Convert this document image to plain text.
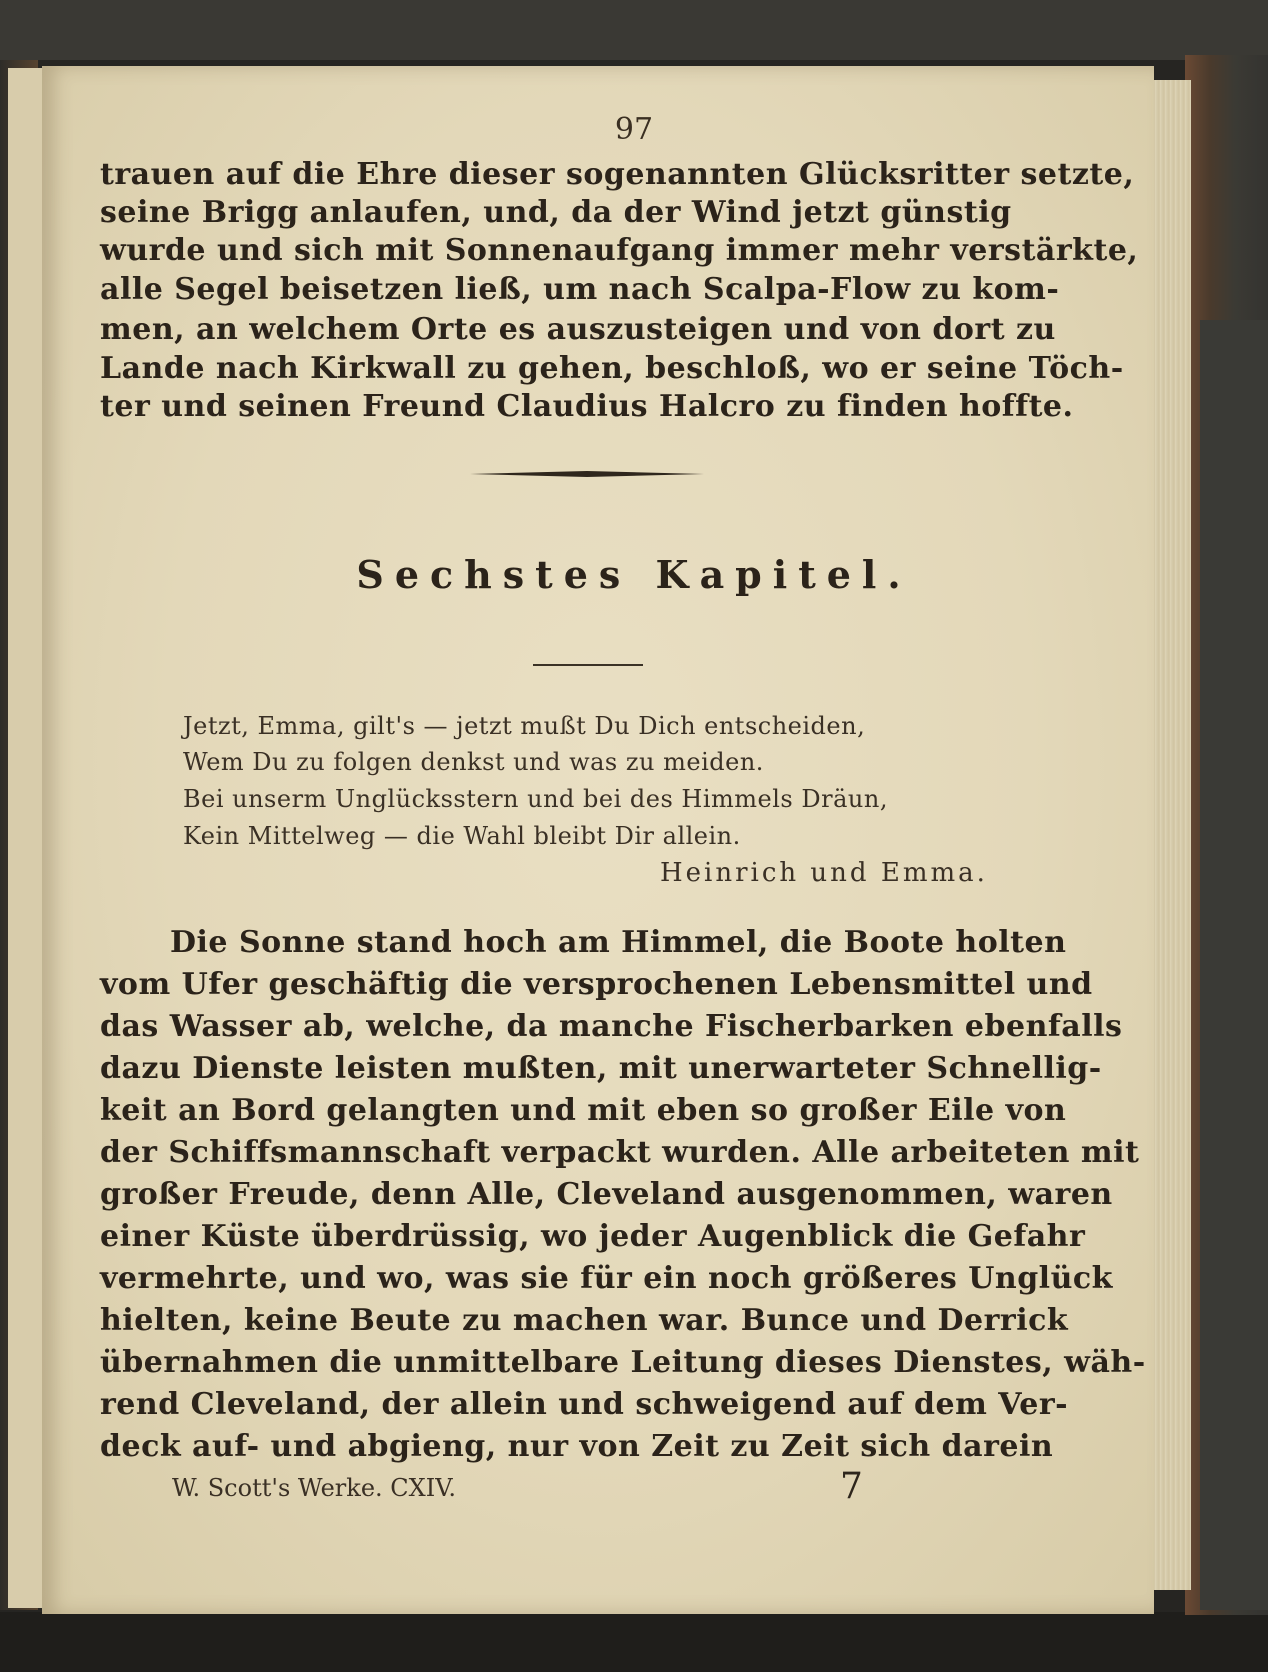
97
trauen auf die Ehre dieser sogenannten Glücksritter setzte,
seine Brigg anlaufen, und, da der Wind jetzt günstig
wurde und sich mit Sonnenaufgang immer mehr verstärkte,
alle Segel beisetzen ließ, um nach Scalpa-Flow zu kom-
men, an welchem Orte es auszusteigen und von dort zu
Lande nach Kirkwall zu gehen, beschloß, wo er seine Töch-
ter und seinen Freund Claudius Halcro zu finden hoffte.
Sechstes Kapitel.
Jetzt, Emma, gilt's — jetzt mußt Du Dich entscheiden,
Wem Du zu folgen denkst und was zu meiden.
Bei unserm Unglücksstern und bei des Himmels Dräun,
Kein Mittelweg — die Wahl bleibt Dir allein.
Heinrich und Emma.
Die Sonne stand hoch am Himmel, die Boote holten
vom Ufer geschäftig die versprochenen Lebensmittel und
das Wasser ab, welche, da manche Fischerbarken ebenfalls
dazu Dienste leisten mußten, mit unerwarteter Schnellig-
keit an Bord gelangten und mit eben so großer Eile von
der Schiffsmannschaft verpackt wurden. Alle arbeiteten mit
großer Freude, denn Alle, Cleveland ausgenommen, waren
einer Küste überdrüssig, wo jeder Augenblick die Gefahr
vermehrte, und wo, was sie für ein noch größeres Unglück
hielten, keine Beute zu machen war. Bunce und Derrick
übernahmen die unmittelbare Leitung dieses Dienstes, wäh-
rend Cleveland, der allein und schweigend auf dem Ver-
deck auf- und abgieng, nur von Zeit zu Zeit sich darein
W. Scott's Werke. CXIV.	7
